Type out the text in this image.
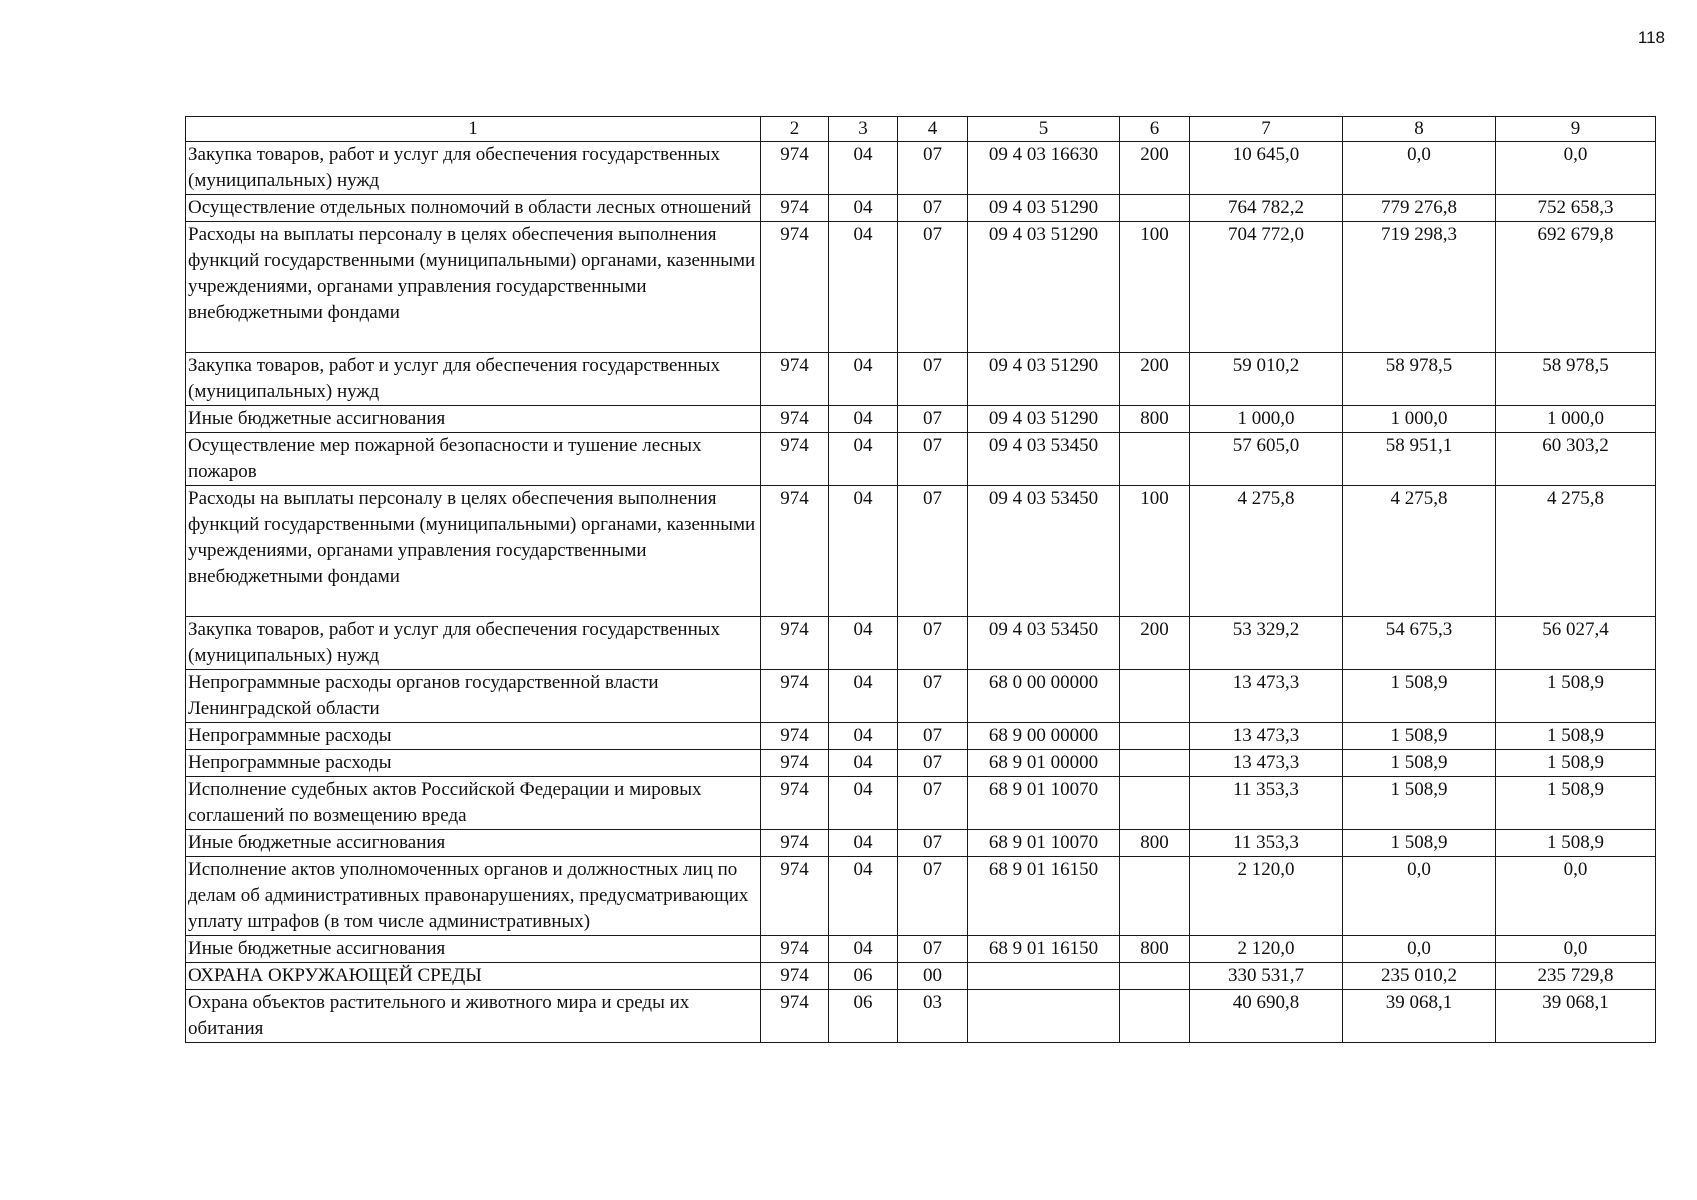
118
1	2	3	4	5	6	7	8	9
Закупка товаров, работ и услуг для обеспечения государственных (муниципальных) нужд	974	04	07	09 4 03 16630	200	10 645,0	0,0	0,0
Осуществление отдельных полномочий в области лесных отношений	974	04	07	09 4 03 51290		764 782,2	779 276,8	752 658,3
Расходы на выплаты персоналу в целях обеспечения выполнения функций государственными (муниципальными) органами, казенными учреждениями, органами управления государственными внебюджетными фондами	974	04	07	09 4 03 51290	100	704 772,0	719 298,3	692 679,8
Закупка товаров, работ и услуг для обеспечения государственных (муниципальных) нужд	974	04	07	09 4 03 51290	200	59 010,2	58 978,5	58 978,5
Иные бюджетные ассигнования	974	04	07	09 4 03 51290	800	1 000,0	1 000,0	1 000,0
Осуществление мер пожарной безопасности и тушение лесных пожаров	974	04	07	09 4 03 53450		57 605,0	58 951,1	60 303,2
Расходы на выплаты персоналу в целях обеспечения выполнения функций государственными (муниципальными) органами, казенными учреждениями, органами управления государственными внебюджетными фондами	974	04	07	09 4 03 53450	100	4 275,8	4 275,8	4 275,8
Закупка товаров, работ и услуг для обеспечения государственных (муниципальных) нужд	974	04	07	09 4 03 53450	200	53 329,2	54 675,3	56 027,4
Непрограммные расходы органов государственной власти Ленинградской области	974	04	07	68 0 00 00000		13 473,3	1 508,9	1 508,9
Непрограммные расходы	974	04	07	68 9 00 00000		13 473,3	1 508,9	1 508,9
Непрограммные расходы	974	04	07	68 9 01 00000		13 473,3	1 508,9	1 508,9
Исполнение судебных актов Российской Федерации и мировых соглашений по возмещению вреда	974	04	07	68 9 01 10070		11 353,3	1 508,9	1 508,9
Иные бюджетные ассигнования	974	04	07	68 9 01 10070	800	11 353,3	1 508,9	1 508,9
Исполнение актов уполномоченных органов и должностных лиц по делам об административных правонарушениях, предусматривающих уплату штрафов (в том числе административных)	974	04	07	68 9 01 16150		2 120,0	0,0	0,0
Иные бюджетные ассигнования	974	04	07	68 9 01 16150	800	2 120,0	0,0	0,0
ОХРАНА ОКРУЖАЮЩЕЙ СРЕДЫ	974	06	00			330 531,7	235 010,2	235 729,8
Охрана объектов растительного и животного мира и среды их обитания	974	06	03			40 690,8	39 068,1	39 068,1
